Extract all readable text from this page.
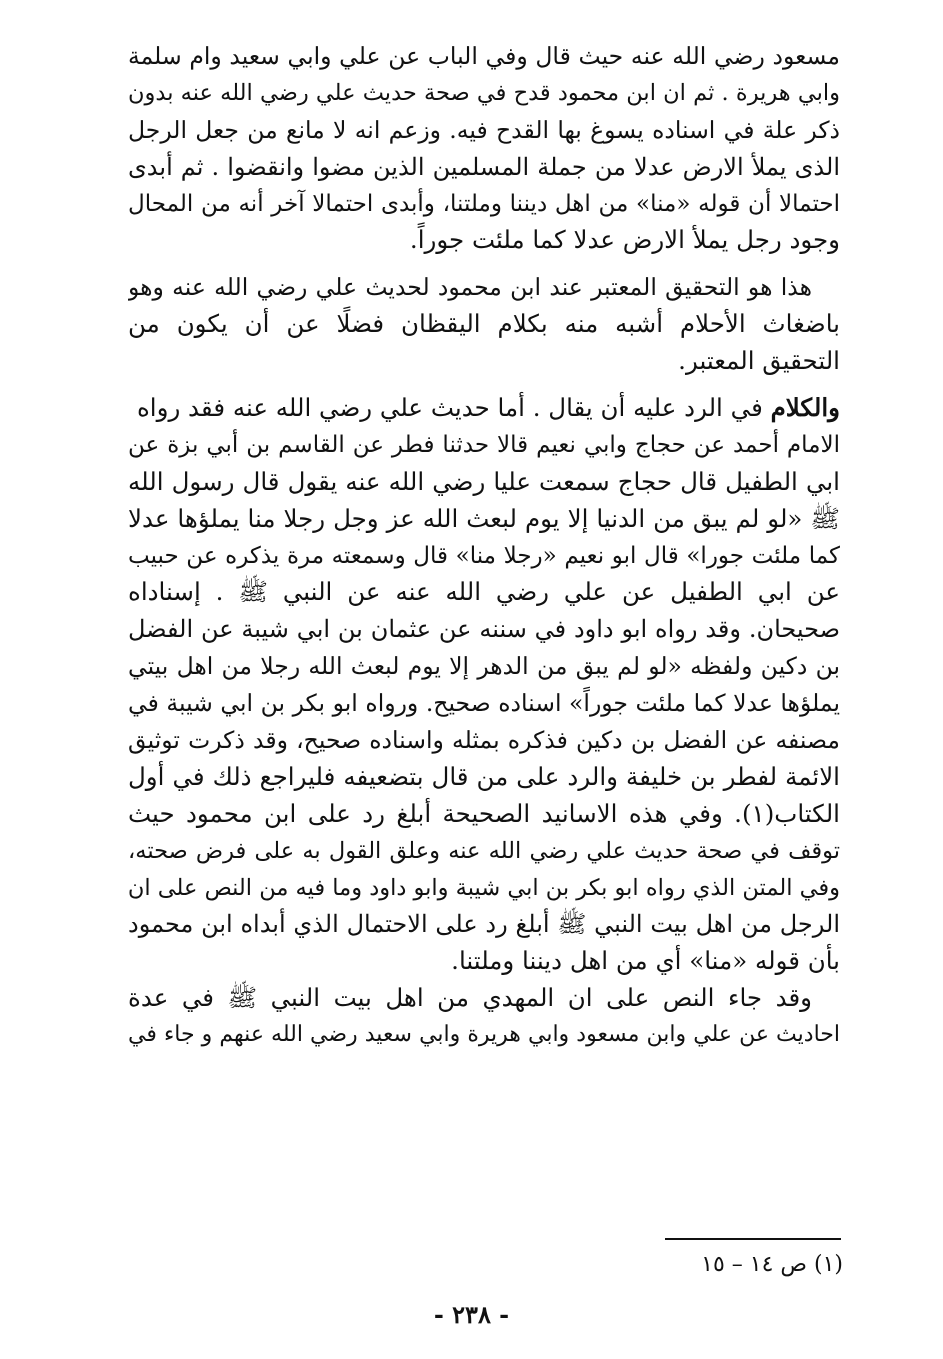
مسعود رضي الله عنه حيث قال وفي الباب عن علي وابي سعيد وام سلمة
وابي هريرة . ثم ان ابن محمود قدح في صحة حديث علي رضي الله عنه بدون
ذكر علة في اسناده يسوغ بها القدح فيه. وزعم انه لا مانع من جعل الرجل
الذى يملأ الارض عدلا من جملة المسلمين الذين مضوا وانقضوا . ثم أبدى
احتمالا أن قوله «منا» من اهل ديننا وملتنا، وأبدى احتمالا آخر أنه من المحال
وجود رجل يملأ الارض عدلا كما ملئت جوراً.
هذا هو التحقيق المعتبر عند ابن محمود لحديث علي رضي الله عنه وهو
باضغاث الأحلام أشبه منه بكلام اليقظان فضلًا عن أن يكون من
التحقيق المعتبر.
والكلام في الرد عليه أن يقال . أما حديث علي رضي الله عنه فقد رواه
الامام أحمد عن حجاج وابي نعيم قالا حدثنا فطر عن القاسم بن أبي بزة عن
ابي الطفيل قال حجاج سمعت عليا رضي الله عنه يقول قال رسول الله
ﷺ «لو لم يبق من الدنيا إلا يوم لبعث الله عز وجل رجلا منا يملؤها عدلا
كما ملئت جورا» قال ابو نعيم «رجلا منا» قال وسمعته مرة يذكره عن حبيب
عن ابي الطفيل عن علي رضي الله عنه عن النبي ﷺ . إسناداه
صحيحان. وقد رواه ابو داود في سننه عن عثمان بن ابي شيبة عن الفضل
بن دكين ولفظه «لو لم يبق من الدهر إلا يوم لبعث الله رجلا من اهل بيتي
يملؤها عدلا كما ملئت جوراً» اسناده صحيح. ورواه ابو بكر بن ابي شيبة في
مصنفه عن الفضل بن دكين فذكره بمثله واسناده صحيح، وقد ذكرت توثيق
الائمة لفطر بن خليفة والرد على من قال بتضعيفه فليراجع ذلك في أول
الكتاب(١). وفي هذه الاسانيد الصحيحة أبلغ رد على ابن محمود حيث
توقف في صحة حديث علي رضي الله عنه وعلق القول به على فرض صحته،
وفي المتن الذي رواه ابو بكر بن ابي شيبة وابو داود وما فيه من النص على ان
الرجل من اهل بيت النبي ﷺ أبلغ رد على الاحتمال الذي أبداه ابن محمود
بأن قوله «منا» أي من اهل ديننا وملتنا.
وقد جاء النص على ان المهدي من اهل بيت النبي ﷺ في عدة
احاديث عن علي وابن مسعود وابي هريرة وابي سعيد رضي الله عنهم و جاء في
(١) ص ١٤ – ١٥
- ٢٣٨ -
